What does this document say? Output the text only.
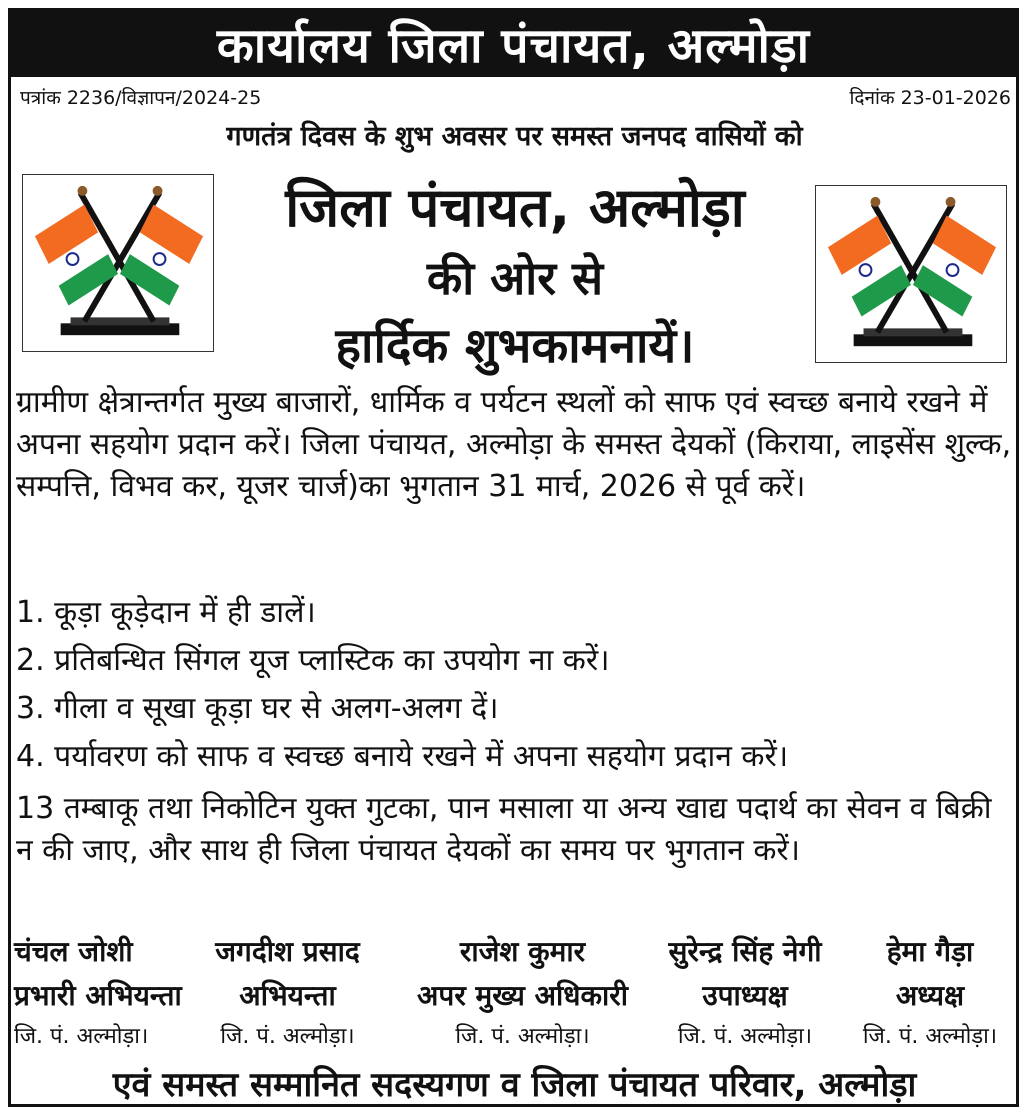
कार्यालय जिला पंचायत, अल्मोड़ा
पत्रांक 2236/विज्ञापन/2024-25	दिनांक 23-01-2026
गणतंत्र दिवस के शुभ अवसर पर समस्त जनपद वासियों को
जिला पंचायत, अल्मोड़ा
की ओर से
हार्दिक शुभकामनायें।
ग्रामीण क्षेत्रान्तर्गत मुख्य बाजारों, धार्मिक व पर्यटन स्थलों को साफ एवं स्वच्छ बनाये रखने में अपना सहयोग प्रदान करें। जिला पंचायत, अल्मोड़ा के समस्त देयकों (किराया, लाइसेंस शुल्क, सम्पत्ति, विभव कर, यूजर चार्ज)का भुगतान 31 मार्च, 2026 से पूर्व करें।
1. कूड़ा कूड़ेदान में ही डालें।
2. प्रतिबन्धित सिंगल यूज प्लास्टिक का उपयोग ना करें।
3. गीला व सूखा कूड़ा घर से अलग-अलग दें।
4. पर्यावरण को साफ व स्वच्छ बनाये रखने में अपना सहयोग प्रदान करें।
13 तम्बाकू तथा निकोटिन युक्त गुटका, पान मसाला या अन्य खाद्य पदार्थ का सेवन व बिक्री न की जाए, और साथ ही जिला पंचायत देयकों का समय पर भुगतान करें।
चंचल जोशी	जगदीश प्रसाद	राजेश कुमार	सुरेन्द्र सिंह नेगी	हेमा गैड़ा
प्रभारी अभियन्ता	अभियन्ता	अपर मुख्य अधिकारी	उपाध्यक्ष	अध्यक्ष
जि. पं. अल्मोड़ा।	जि. पं. अल्मोड़ा।	जि. पं. अल्मोड़ा।	जि. पं. अल्मोड़ा।	जि. पं. अल्मोड़ा।
एवं समस्त सम्मानित सदस्यगण व जिला पंचायत परिवार, अल्मोड़ा
